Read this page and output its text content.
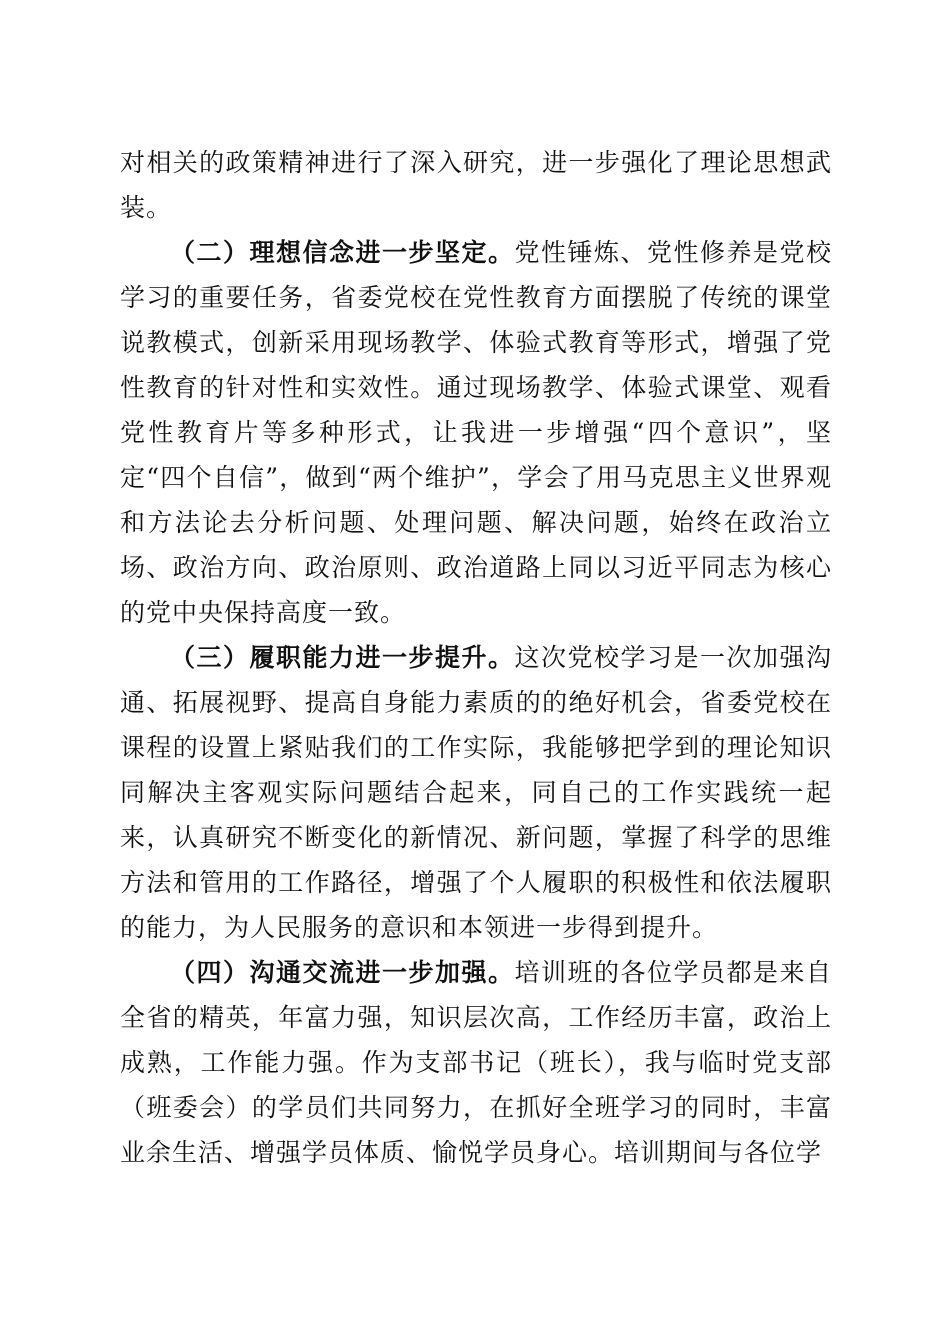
对相关的政策精神进行了深入研究，进一步强化了理论思想武装。

（二）理想信念进一步坚定。党性锤炼、党性修养是党校学习的重要任务，省委党校在党性教育方面摆脱了传统的课堂说教模式，创新采用现场教学、体验式教育等形式，增强了党性教育的针对性和实效性。通过现场教学、体验式课堂、观看党性教育片等多种形式，让我进一步增强“四个意识”，坚定“四个自信”，做到“两个维护”，学会了用马克思主义世界观和方法论去分析问题、处理问题、解决问题，始终在政治立场、政治方向、政治原则、政治道路上同以习近平同志为核心的党中央保持高度一致。

（三）履职能力进一步提升。这次党校学习是一次加强沟通、拓展视野、提高自身能力素质的的绝好机会，省委党校在课程的设置上紧贴我们的工作实际，我能够把学到的理论知识同解决主客观实际问题结合起来，同自己的工作实践统一起来，认真研究不断变化的新情况、新问题，掌握了科学的思维方法和管用的工作路径，增强了个人履职的积极性和依法履职的能力，为人民服务的意识和本领进一步得到提升。

（四）沟通交流进一步加强。培训班的各位学员都是来自全省的精英，年富力强，知识层次高，工作经历丰富，政治上成熟，工作能力强。作为支部书记（班长），我与临时党支部（班委会）的学员们共同努力，在抓好全班学习的同时，丰富业余生活、增强学员体质、愉悦学员身心。培训期间与各位学
